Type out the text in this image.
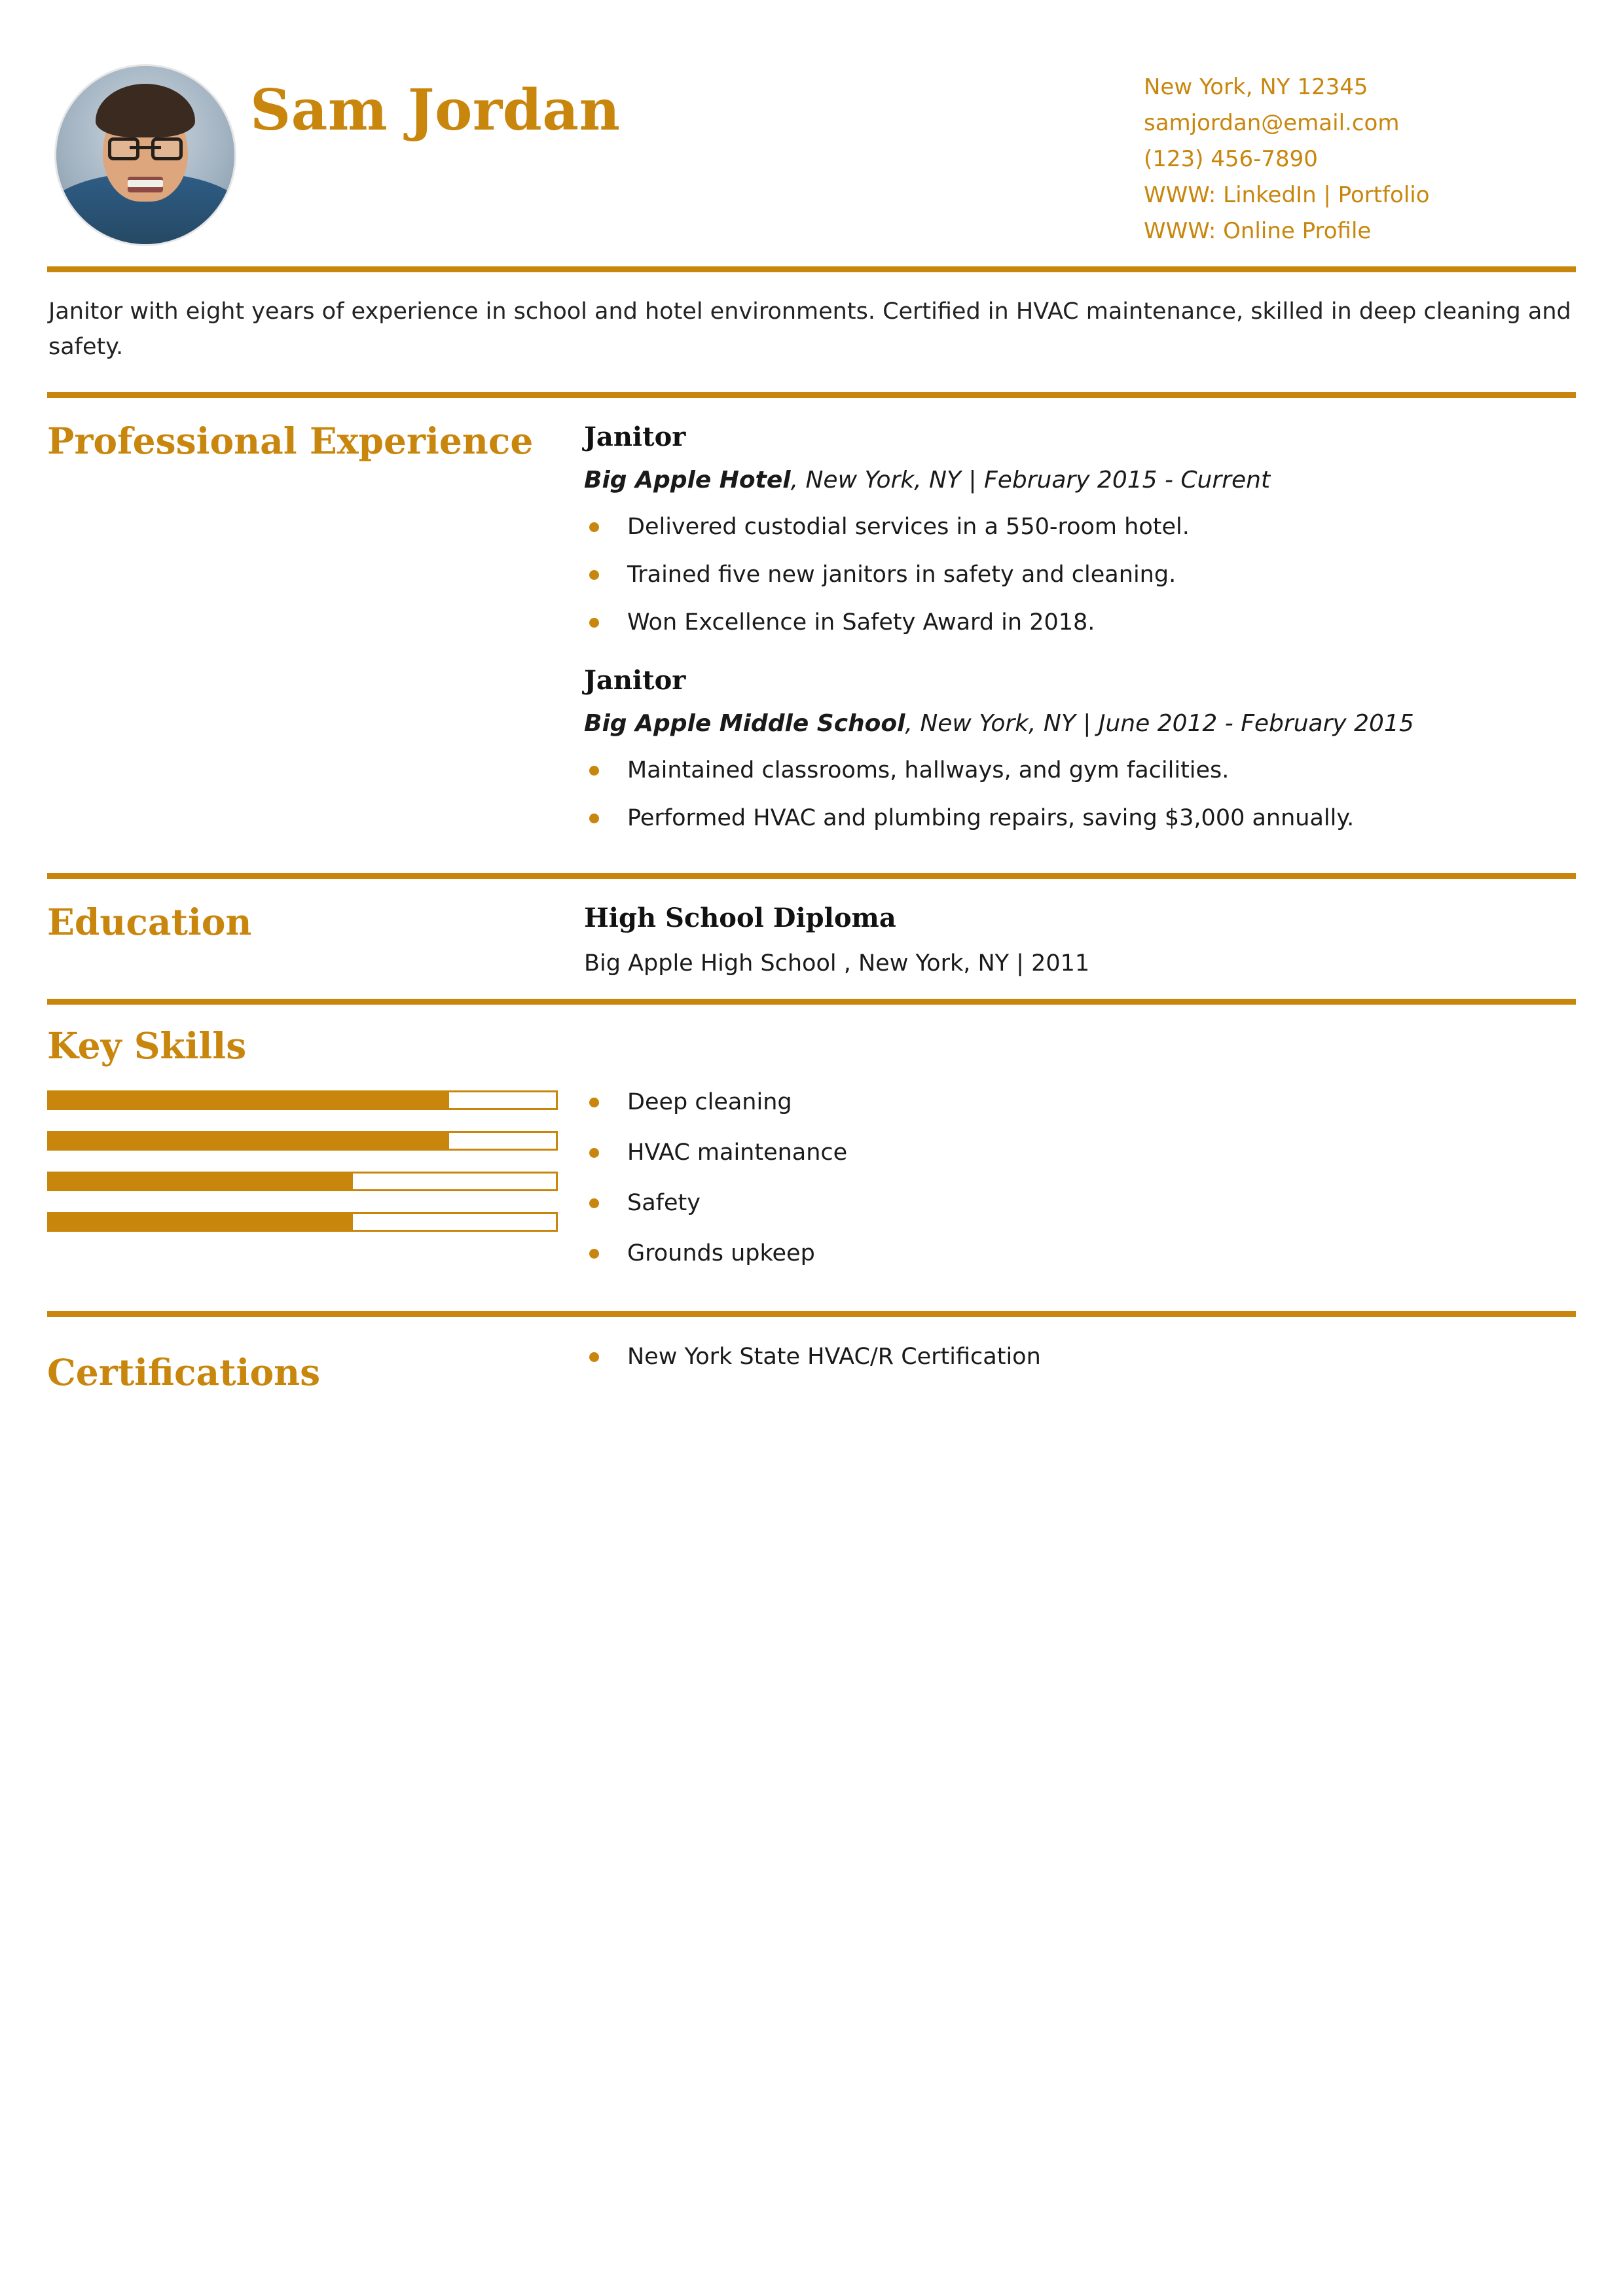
Sam Jordan	New York, NY 12345
samjordan@email.com
(123) 456-7890
WWW: LinkedIn | Portfolio
WWW: Online Profile
Janitor with eight years of experience in school and hotel environments. Certified in HVAC maintenance, skilled in deep cleaning and safety.
Professional Experience	Janitor
Big Apple Hotel, New York, NY | February 2015 - Current
Delivered custodial services in a 550-room hotel.
Trained five new janitors in safety and cleaning.
Won Excellence in Safety Award in 2018.
Janitor
Big Apple Middle School, New York, NY | June 2012 - February 2015
Maintained classrooms, hallways, and gym facilities.
Performed HVAC and plumbing repairs, saving $3,000 annually.
Education	High School Diploma
Big Apple High School , New York, NY | 2011
Key Skills
Deep cleaning
HVAC maintenance
Safety
Grounds upkeep
Certifications	New York State HVAC/R Certification
